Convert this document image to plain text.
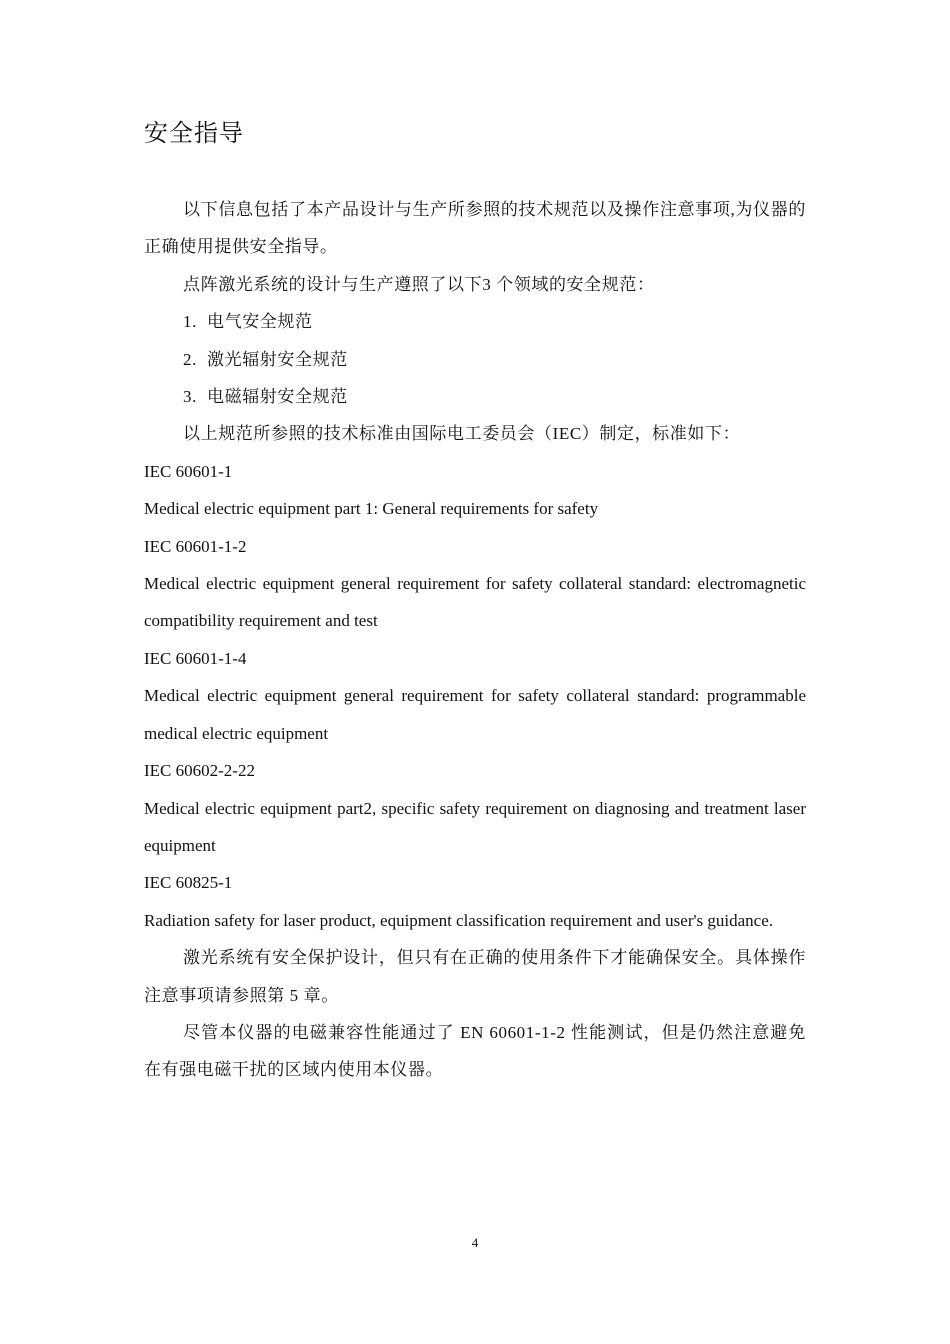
安全指导

以下信息包括了本产品设计与生产所参照的技术规范以及操作注意事项,为仪器的正确使用提供安全指导。

点阵激光系统的设计与生产遵照了以下3 个领域的安全规范：

1. 电气安全规范

2. 激光辐射安全规范

3. 电磁辐射安全规范

以上规范所参照的技术标准由国际电工委员会（IEC）制定，标准如下：

IEC 60601-1

Medical electric equipment part 1: General requirements for safety

IEC 60601-1-2

Medical electric equipment general requirement for safety collateral standard: electromagnetic compatibility requirement and test

IEC 60601-1-4

Medical electric equipment general requirement for safety collateral standard: programmable medical electric equipment

IEC 60602-2-22

Medical electric equipment part2, specific safety requirement on diagnosing and treatment laser equipment

IEC 60825-1

Radiation safety for laser product, equipment classification requirement and user's guidance.

激光系统有安全保护设计，但只有在正确的使用条件下才能确保安全。具体操作注意事项请参照第 5 章。

尽管本仪器的电磁兼容性能通过了 EN 60601-1-2 性能测试，但是仍然注意避免在有强电磁干扰的区域内使用本仪器。

4
